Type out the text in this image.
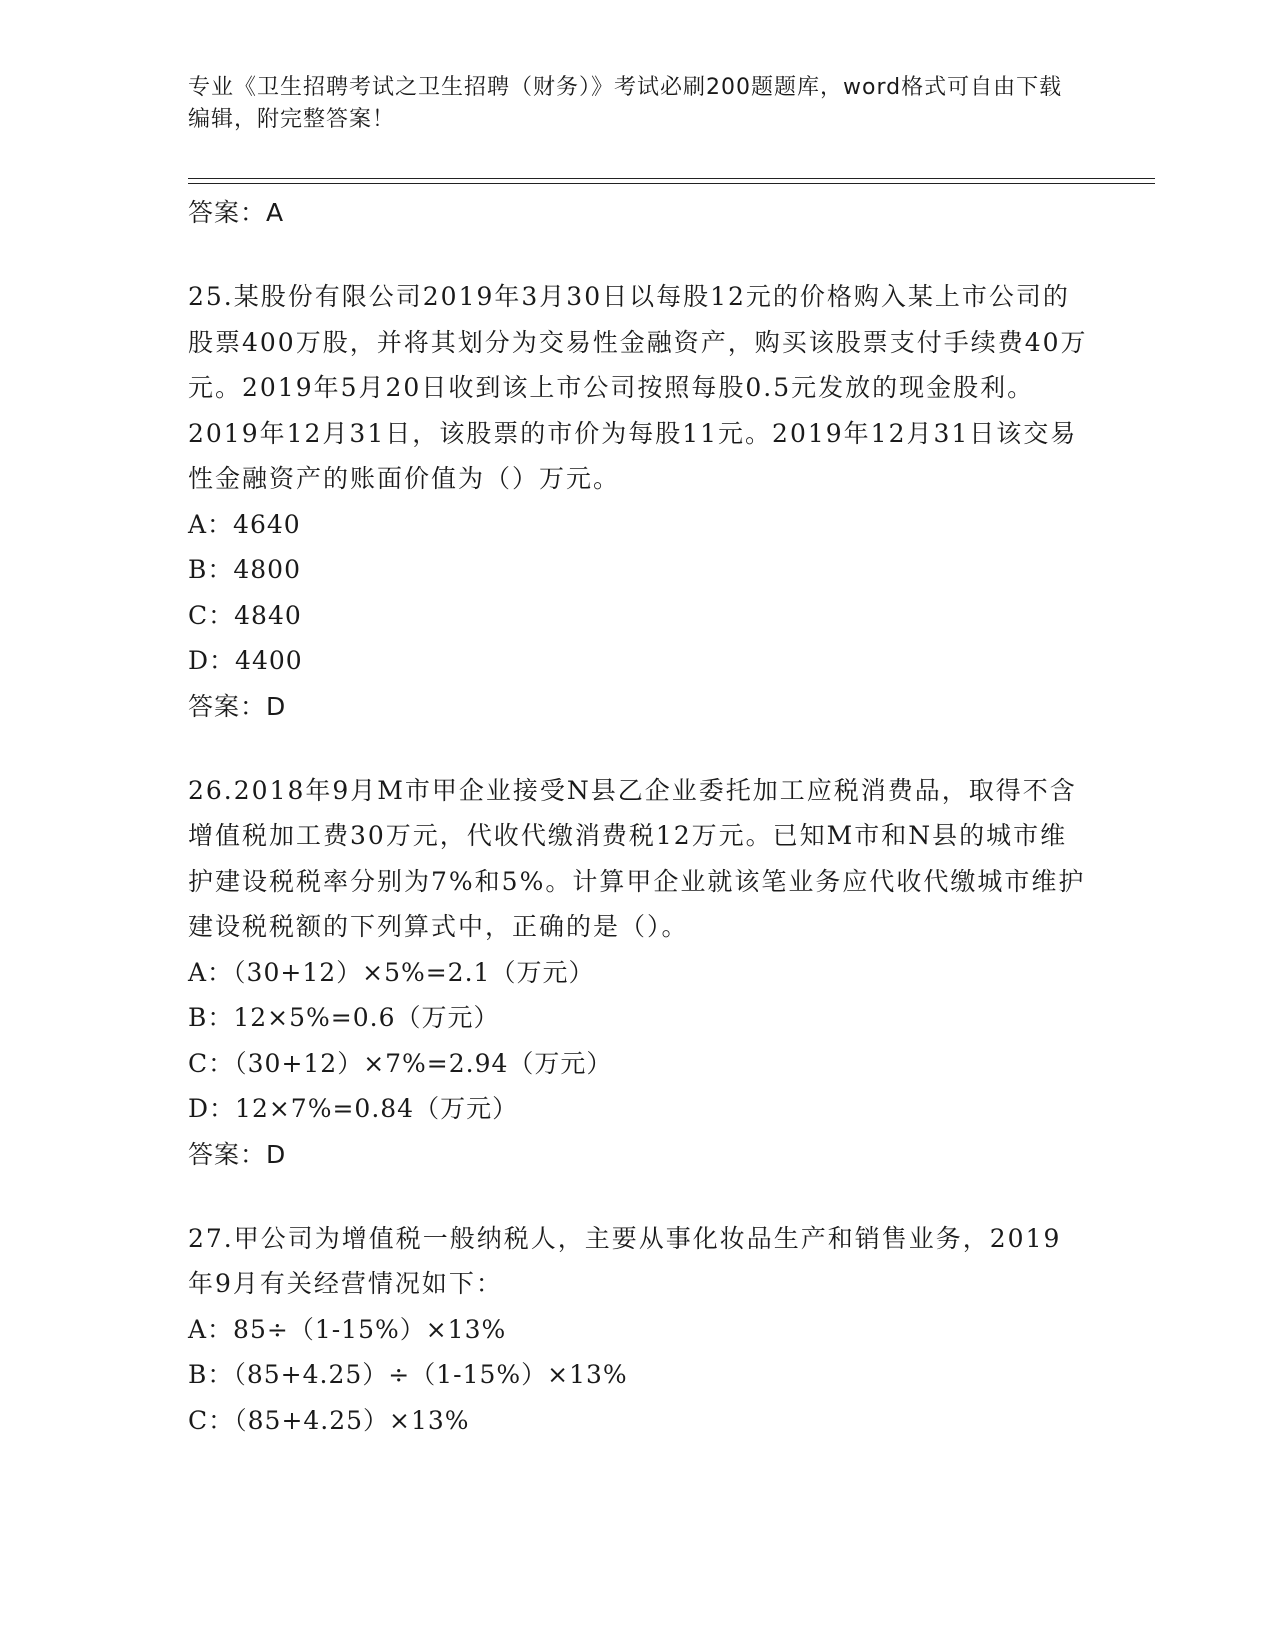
专业《卫生招聘考试之卫生招聘（财务）》考试必刷200题题库，word格式可自由下载编辑，附完整答案！
答案：A
25.某股份有限公司2019年3月30日以每股12元的价格购入某上市公司的股票400万股，并将其划分为交易性金融资产，购买该股票支付手续费40万元。2019年5月20日收到该上市公司按照每股0.5元发放的现金股利。2019年12月31日，该股票的市价为每股11元。2019年12月31日该交易性金融资产的账面价值为（）万元。
A：4640
B：4800
C：4840
D：4400
答案：D
26.2018年9月M市甲企业接受N县乙企业委托加工应税消费品，取得不含增值税加工费30万元，代收代缴消费税12万元。已知M市和N县的城市维护建设税税率分别为7%和5%。计算甲企业就该笔业务应代收代缴城市维护建设税税额的下列算式中，正确的是（）。
A：（30+12）×5%=2.1（万元）
B：12×5%=0.6（万元）
C：（30+12）×7%=2.94（万元）
D：12×7%=0.84（万元）
答案：D
27.甲公司为增值税一般纳税人，主要从事化妆品生产和销售业务，2019年9月有关经营情况如下：
A：85÷（1-15%）×13%
B：（85+4.25）÷（1-15%）×13%
C：（85+4.25）×13%
